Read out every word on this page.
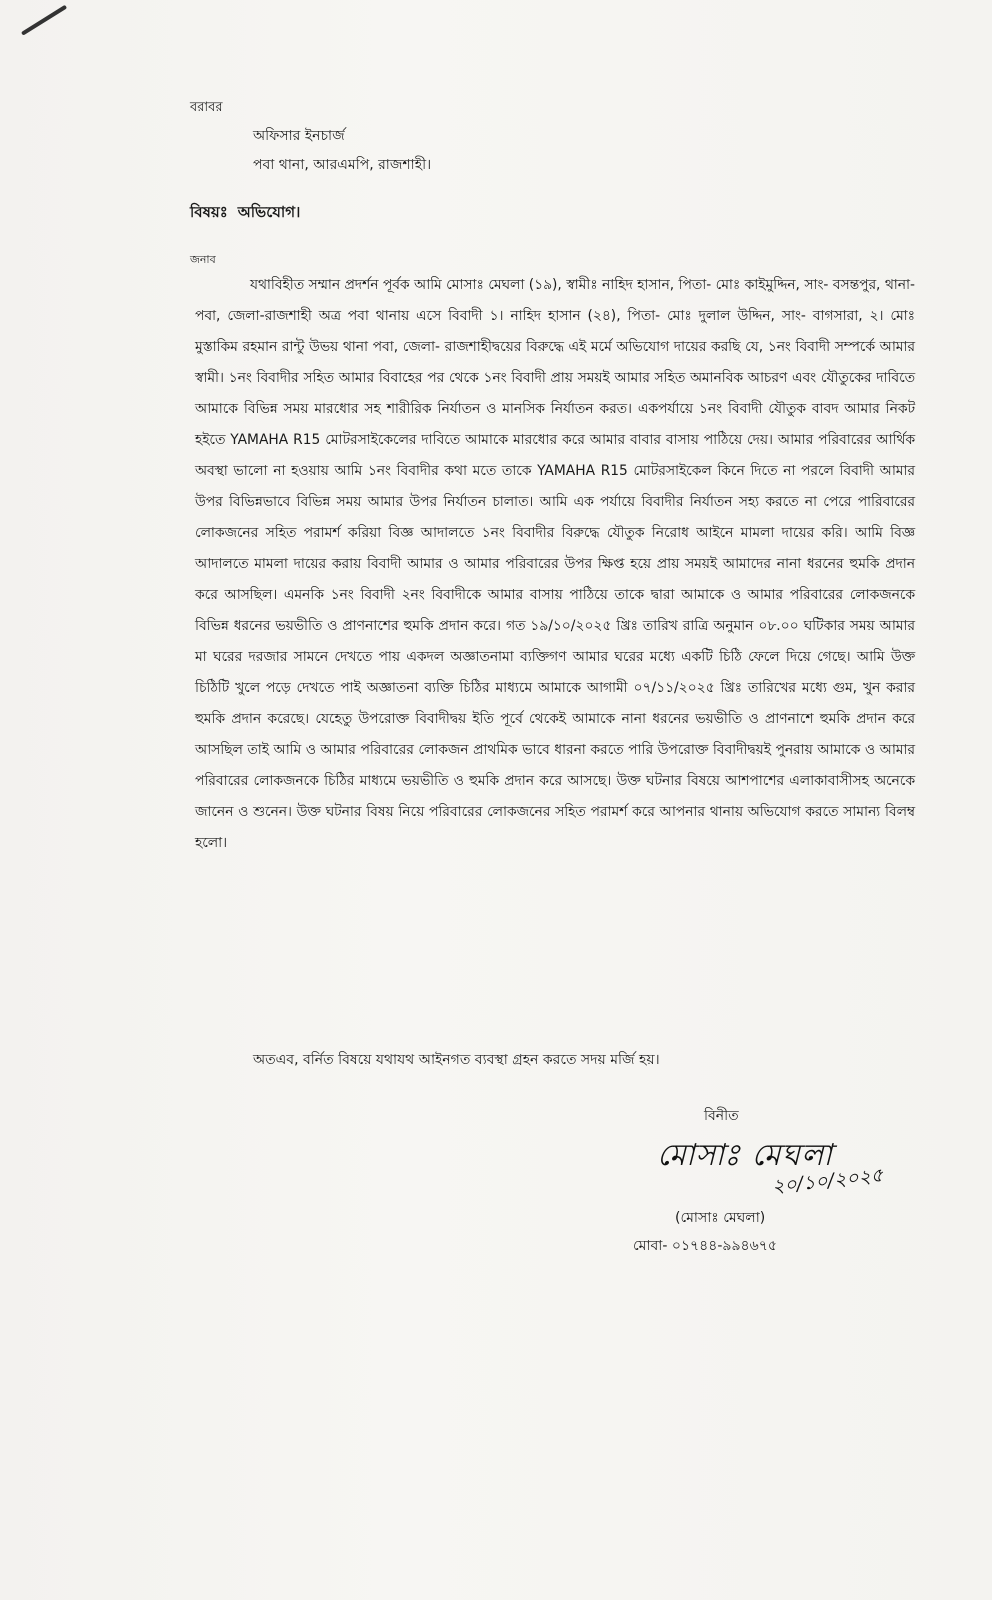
বরাবর
অফিসার ইনচার্জ
পবা থানা, আরএমপি, রাজশাহী।
বিষয়ঃ অভিযোগ।
জনাব
যথাবিহীত সম্মান প্রদর্শন পূর্বক আমি মোসাঃ মেঘলা (১৯), স্বামীঃ নাহিদ হাসান, পিতা- মোঃ কাইমুদ্দিন, সাং- বসন্তপুর, থানা- পবা, জেলা-রাজশাহী অত্র পবা থানায় এসে বিবাদী ১। নাহিদ হাসান (২৪), পিতা- মোঃ দুলাল উদ্দিন, সাং- বাগসারা, ২। মোঃ মুস্তাকিম রহমান রান্টু উভয় থানা পবা, জেলা- রাজশাহীদ্বয়ের বিরুদ্ধে এই মর্মে অভিযোগ দায়ের করছি যে, ১নং বিবাদী সম্পর্কে আমার স্বামী। ১নং বিবাদীর সহিত আমার বিবাহের পর থেকে ১নং বিবাদী প্রায় সময়ই আমার সহিত অমানবিক আচরণ এবং যৌতুকের দাবিতে আমাকে বিভিন্ন সময় মারধোর সহ শারীরিক নির্যাতন ও মানসিক নির্যাতন করত। একপর্যায়ে ১নং বিবাদী যৌতুক বাবদ আমার নিকট হইতে YAMAHA R15 মোটরসাইকেলের দাবিতে আমাকে মারধোর করে আমার বাবার বাসায় পাঠিয়ে দেয়। আমার পরিবারের আর্থিক অবস্থা ভালো না হওয়ায় আমি ১নং বিবাদীর কথা মতে তাকে YAMAHA R15 মোটরসাইকেল কিনে দিতে না পরলে বিবাদী আমার উপর বিভিন্নভাবে বিভিন্ন সময় আমার উপর নির্যাতন চালাত। আমি এক পর্যায়ে বিবাদীর নির্যাতন সহ্য করতে না পেরে পারিবারের লোকজনের সহিত পরামর্শ করিয়া বিজ্ঞ আদালতে ১নং বিবাদীর বিরুদ্ধে যৌতুক নিরোধ আইনে মামলা দায়ের করি। আমি বিজ্ঞ আদালতে মামলা দায়ের করায় বিবাদী আমার ও আমার পরিবারের উপর ক্ষিপ্ত হয়ে প্রায় সময়ই আমাদের নানা ধরনের হুমকি প্রদান করে আসছিল। এমনকি ১নং বিবাদী ২নং বিবাদীকে আমার বাসায় পাঠিয়ে তাকে দ্বারা আমাকে ও আমার পরিবারের লোকজনকে বিভিন্ন ধরনের ভয়ভীতি ও প্রাণনাশের হুমকি প্রদান করে। গত ১৯/১০/২০২৫ খ্রিঃ তারিখ রাত্রি অনুমান ০৮.০০ ঘটিকার সময় আমার মা ঘরের দরজার সামনে দেখতে পায় একদল অজ্ঞাতনামা ব্যক্তিগণ আমার ঘরের মধ্যে একটি চিঠি ফেলে দিয়ে গেছে। আমি উক্ত চিঠিটি খুলে পড়ে দেখতে পাই অজ্ঞাতনা ব্যক্তি চিঠির মাধ্যমে আমাকে আগামী ০৭/১১/২০২৫ খ্রিঃ তারিখের মধ্যে গুম, খুন করার হুমকি প্রদান করেছে। যেহেতু উপরোক্ত বিবাদীদ্বয় ইতি পূর্বে থেকেই আমাকে নানা ধরনের ভয়ভীতি ও প্রাণনাশে হুমকি প্রদান করে আসছিল তাই আমি ও আমার পরিবারের লোকজন প্রাথমিক ভাবে ধারনা করতে পারি উপরোক্ত বিবাদীদ্বয়ই পুনরায় আমাকে ও আমার পরিবারের লোকজনকে চিঠির মাধ্যমে ভয়ভীতি ও হুমকি প্রদান করে আসছে। উক্ত ঘটনার বিষয়ে আশপাশের এলাকাবাসীসহ অনেকে জানেন ও শুনেন। উক্ত ঘটনার বিষয় নিয়ে পরিবারের লোকজনের সহিত পরামর্শ করে আপনার থানায় অভিযোগ করতে সামান্য বিলম্ব হলো।
অতএব, বর্নিত বিষয়ে যথাযথ আইনগত ব্যবস্থা গ্রহন করতে সদয় মর্জি হয়।
বিনীত
মোসাঃ মেঘলা
২০/১০/২০২৫
(মোসাঃ মেঘলা)
মোবা- ০১৭৪৪-৯৯৪৬৭৫
